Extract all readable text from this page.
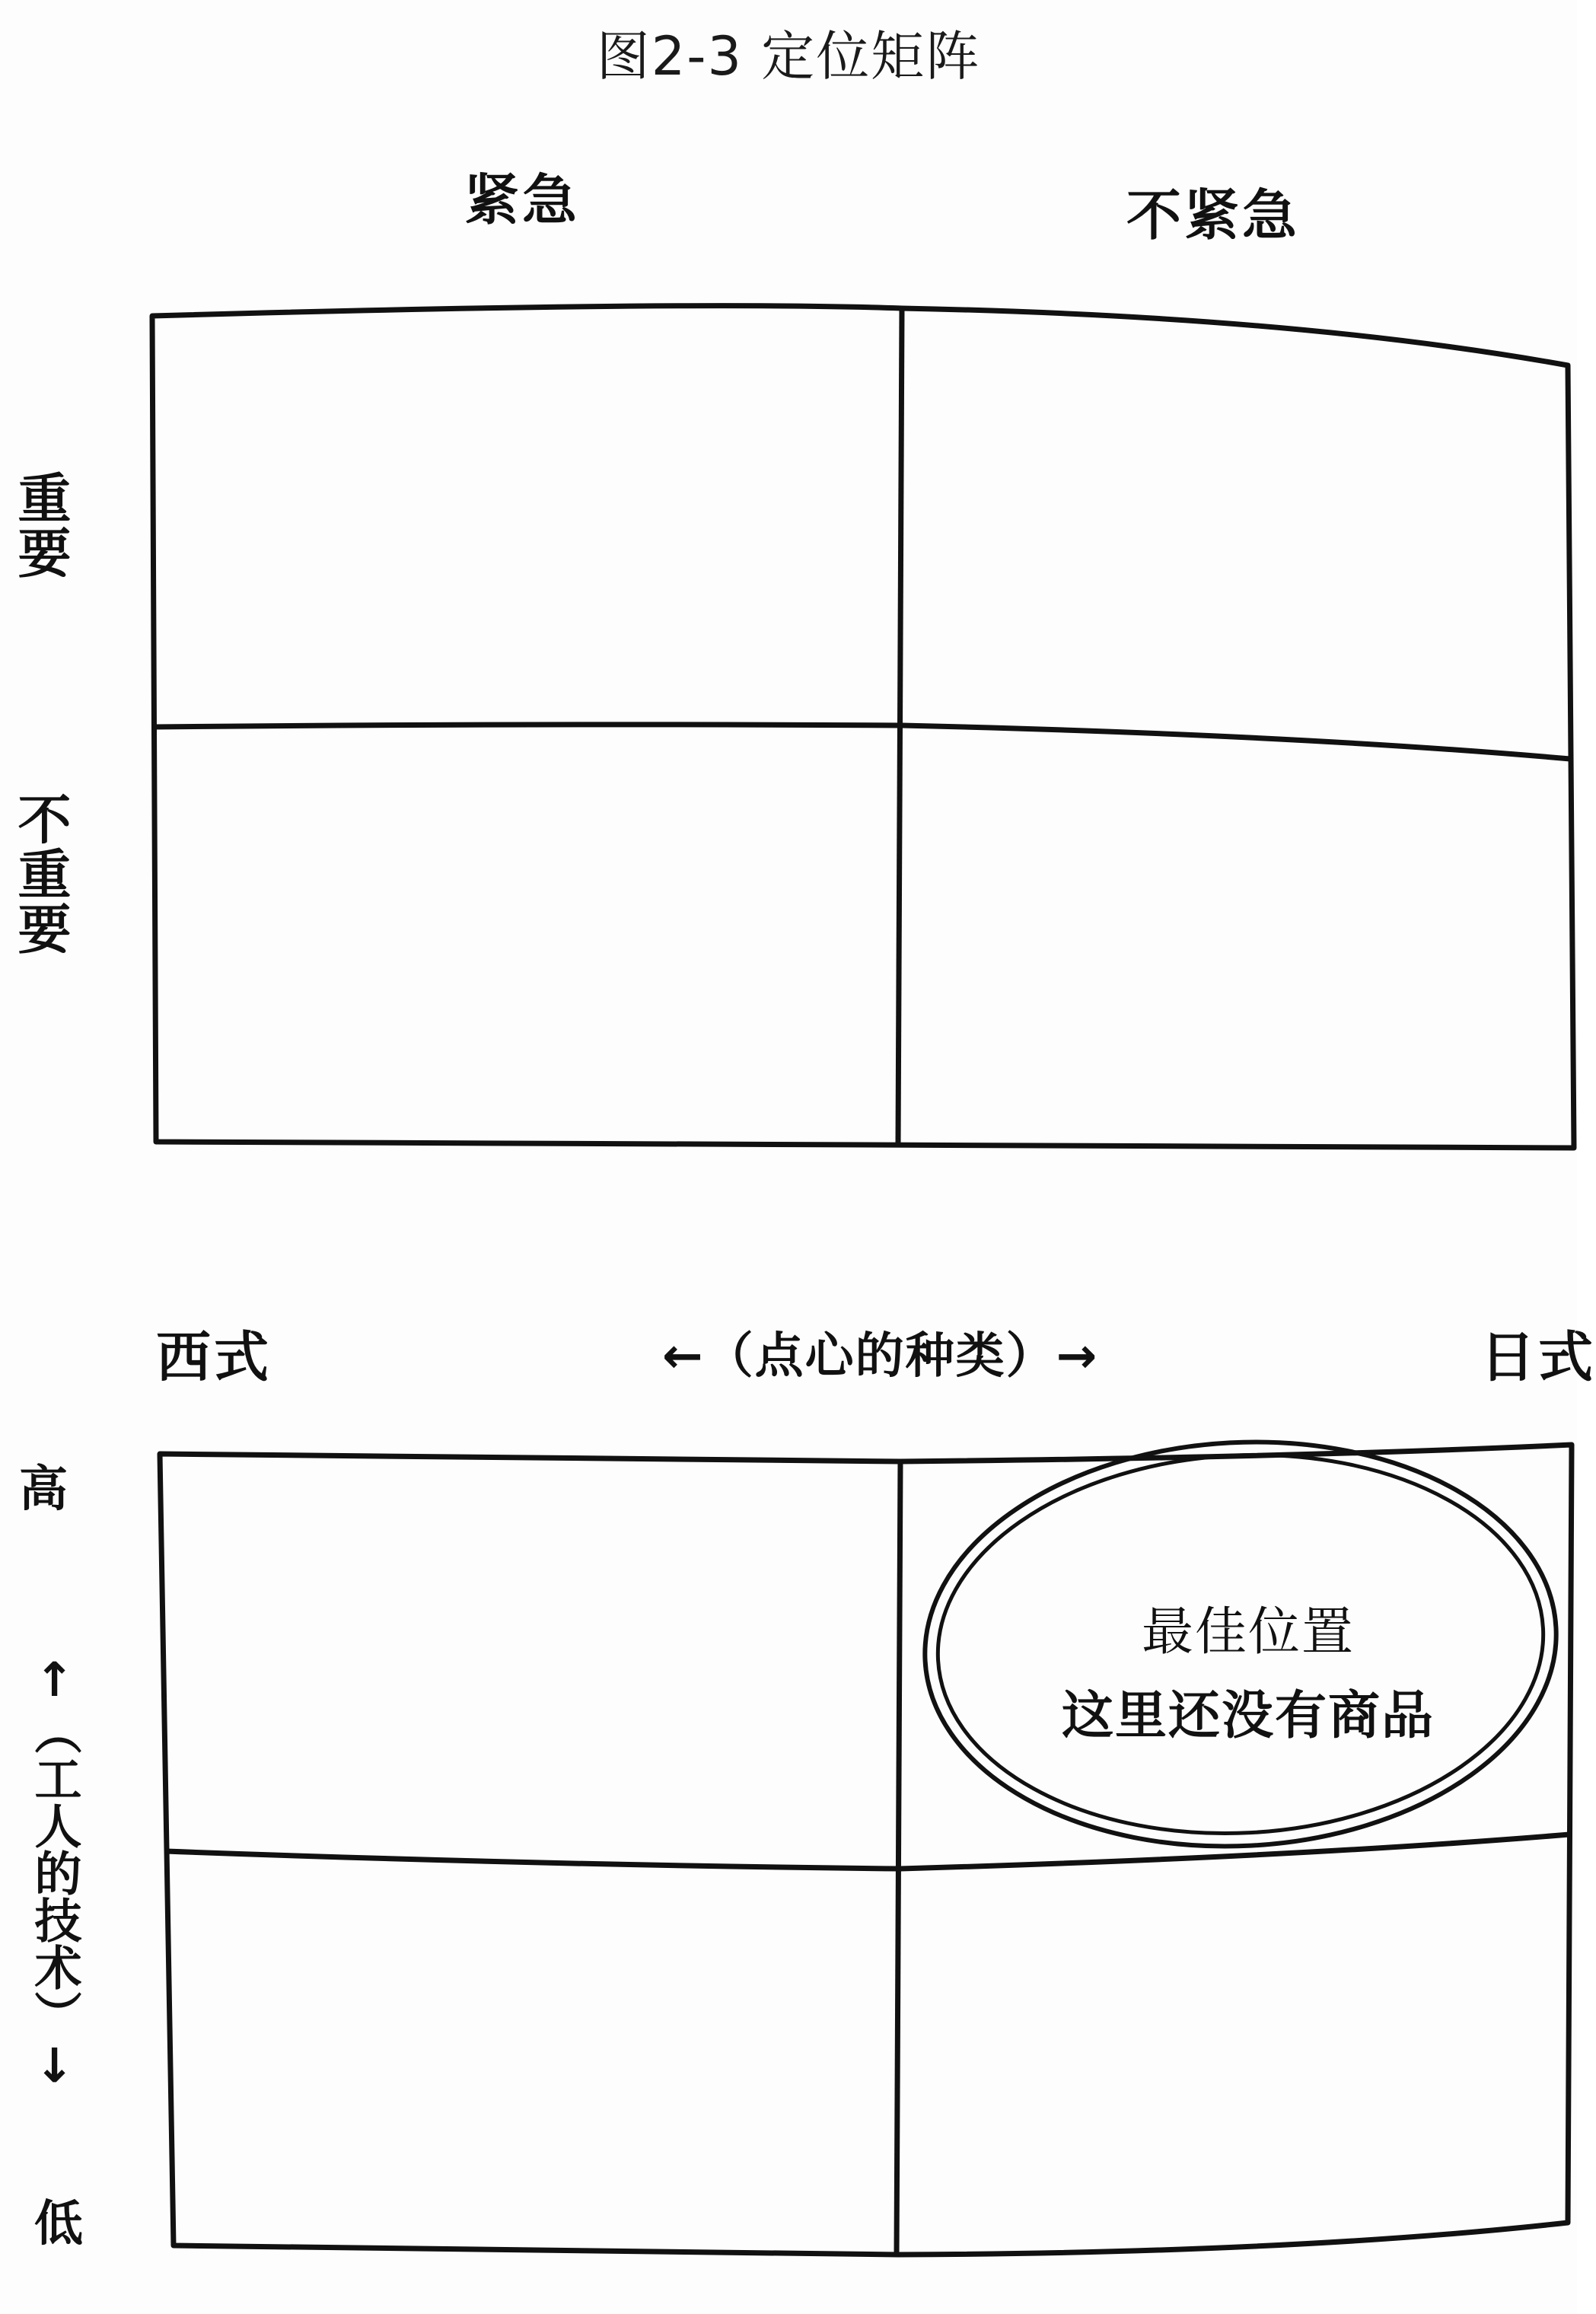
图2-3 定位矩阵
紧急	不紧急
重要
不重要
西式	←（点心的种类）→	日式
高
↑（工人的技术）↓
低
最佳位置
这里还没有商品
